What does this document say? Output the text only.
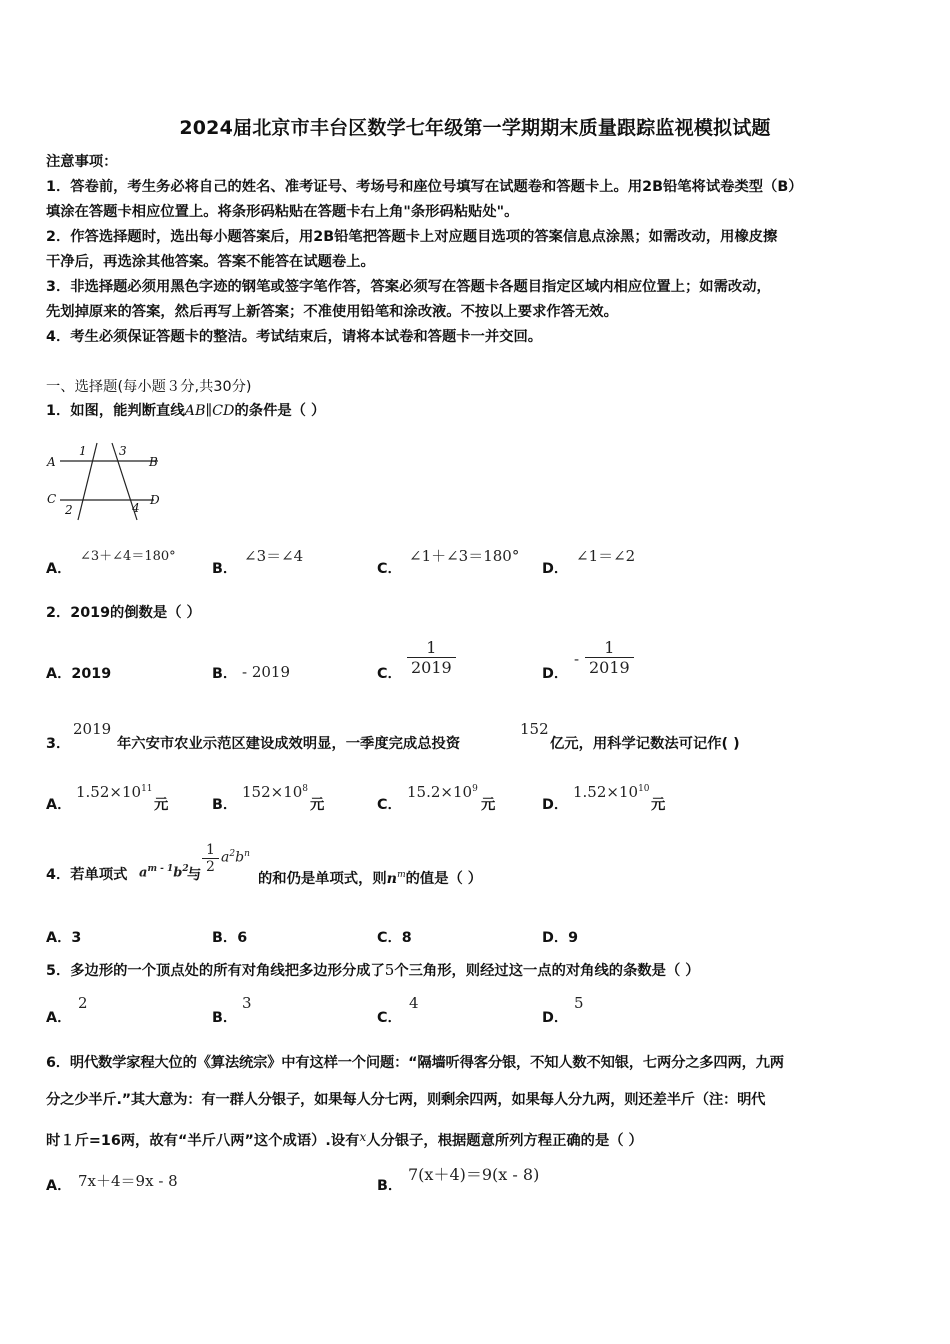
2024届北京市丰台区数学七年级第一学期期末质量跟踪监视模拟试题
注意事项：
1．答卷前，考生务必将自己的姓名、准考证号、考场号和座位号填写在试题卷和答题卡上。用2B铅笔将试卷类型（B）
填涂在答题卡相应位置上。将条形码粘贴在答题卡右上角"条形码粘贴处"。
2．作答选择题时，选出每小题答案后，用2B铅笔把答题卡上对应题目选项的答案信息点涂黑；如需改动，用橡皮擦
干净后，再选涂其他答案。答案不能答在试题卷上。
3．非选择题必须用黑色字迹的钢笔或签字笔作答，答案必须写在答题卡各题目指定区域内相应位置上；如需改动，
先划掉原来的答案，然后再写上新答案；不准使用铅笔和涂改液。不按以上要求作答无效。
4．考生必须保证答题卡的整洁。考试结束后，请将本试卷和答题卡一并交回。
一、选择题(每小题３分,共30分)
1．如图，能判断直线AB∥CD的条件是（ ）
A	B
C	D
1
2
3
4
A．
∠3＋∠4＝180°
B．
∠3＝∠4
C．
∠1＋∠3＝180°
D．
∠1＝∠2
2．2019的倒数是（ ）
A．2019	B． - 2019	C．
1
2019	D．
-
1
2019
3．
2019
年六安市农业示范区建设成效明显，一季度完成总投资
152
亿元，用科学记数法可记作( )
A．
$1.52\times 10^{11}$
元	B．
$152\times 10^8$
元	C．
$15.2\times 10^9$
元	D．
$1.52\times 10^{10}$
元
4．若单项式 $a^{m - 1}b^2$
与
1
2
$a^2b^n$
的和仍是单项式，则$n^m$的值是（ ）
A．3	B．6	C．8	D．9
5．多边形的一个顶点处的所有对角线把多边形分成了5个三角形，则经过这一点的对角线的条数是（ ）
A．
2
B．
3
C．
4
D．
5
6．明代数学家程大位的《算法统宗》中有这样一个问题：“隔墙听得客分银，不知人数不知银，七两分之多四两，九两
分之少半斤.”其大意为：有一群人分银子，如果每人分七两，则剩余四两，如果每人分九两，则还差半斤（注：明代
时１斤=16两，故有“半斤八两”这个成语）.设有$^x$人分银子，根据题意所列方程正确的是（ ）
A． 7x＋4＝9x - 8	B．
7(x＋4)＝9(x - 8)
